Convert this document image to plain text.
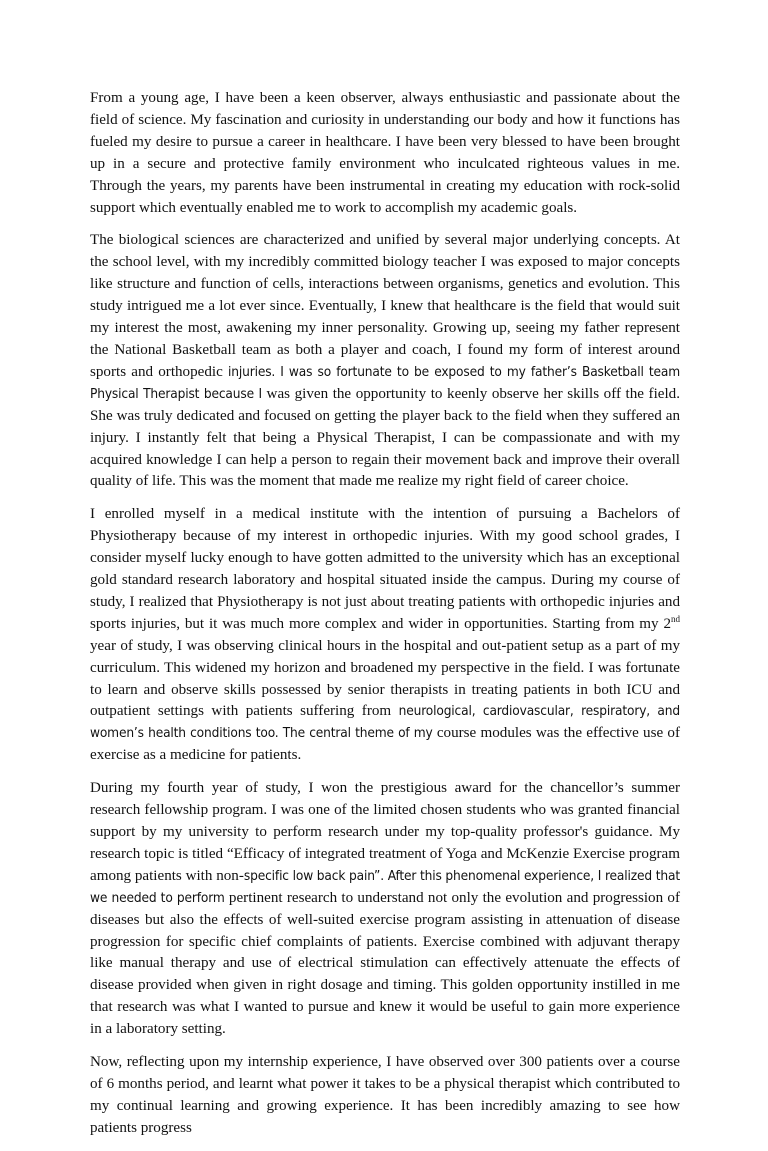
From a young age, I have been a keen observer, always enthusiastic and passionate about the field of science. My fascination and curiosity in understanding our body and how it functions has fueled my desire to pursue a career in healthcare. I have been very blessed to have been brought up in a secure and protective family environment who inculcated righteous values in me. Through the years, my parents have been instrumental in creating my education with rock-solid support which eventually enabled me to work to accomplish my academic goals.

The biological sciences are characterized and unified by several major underlying concepts. At the school level, with my incredibly committed biology teacher I was exposed to major concepts like structure and function of cells, interactions between organisms, genetics and evolution. This study intrigued me a lot ever since. Eventually, I knew that healthcare is the field that would suit my interest the most, awakening my inner personality. Growing up, seeing my father represent the National Basketball team as both a player and coach, I found my form of interest around sports and orthopedic injuries. I was so fortunate to be exposed to my father’s Basketball team Physical Therapist because I was given the opportunity to keenly observe her skills off the field. She was truly dedicated and focused on getting the player back to the field when they suffered an injury. I instantly felt that being a Physical Therapist, I can be compassionate and with my acquired knowledge I can help a person to regain their movement back and improve their overall quality of life. This was the moment that made me realize my right field of career choice.

I enrolled myself in a medical institute with the intention of pursuing a Bachelors of Physiotherapy because of my interest in orthopedic injuries. With my good school grades, I consider myself lucky enough to have gotten admitted to the university which has an exceptional gold standard research laboratory and hospital situated inside the campus. During my course of study, I realized that Physiotherapy is not just about treating patients with orthopedic injuries and sports injuries, but it was much more complex and wider in opportunities. Starting from my 2nd year of study, I was observing clinical hours in the hospital and out-patient setup as a part of my curriculum. This widened my horizon and broadened my perspective in the field. I was fortunate to learn and observe skills possessed by senior therapists in treating patients in both ICU and outpatient settings with patients suffering from neurological, cardiovascular, respiratory, and women’s health conditions too. The central theme of my course modules was the effective use of exercise as a medicine for patients.

During my fourth year of study, I won the prestigious award for the chancellor’s summer research fellowship program. I was one of the limited chosen students who was granted financial support by my university to perform research under my top-quality professor's guidance. My research topic is titled “Efficacy of integrated treatment of Yoga and McKenzie Exercise program among patients with non-specific low back pain”. After this phenomenal experience, I realized that we needed to perform pertinent research to understand not only the evolution and progression of diseases but also the effects of well-suited exercise program assisting in attenuation of disease progression for specific chief complaints of patients. Exercise combined with adjuvant therapy like manual therapy and use of electrical stimulation can effectively attenuate the effects of disease provided when given in right dosage and timing. This golden opportunity instilled in me that research was what I wanted to pursue and knew it would be useful to gain more experience in a laboratory setting.

Now, reflecting upon my internship experience, I have observed over 300 patients over a course of 6 months period, and learnt what power it takes to be a physical therapist which contributed to my continual learning and growing experience. It has been incredibly amazing to see how patients progress
